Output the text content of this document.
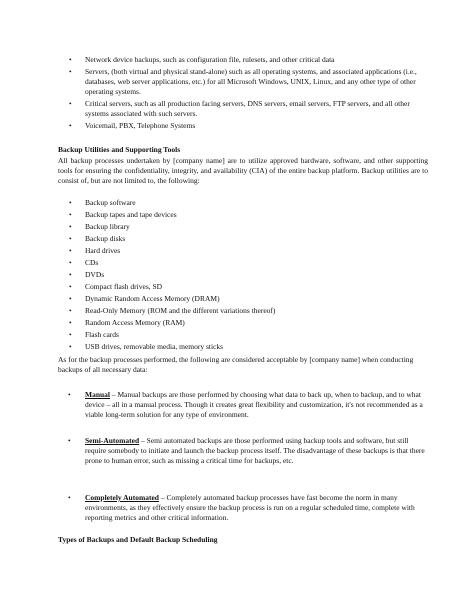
• Network device backups, such as configuration file, rulesets, and other critical data
• Servers, (both virtual and physical stand-alone) such as all operating systems, and associated applications (i.e., databases, web server applications, etc.) for all Microsoft Windows, UNIX, Linux, and any other type of other operating systems.
• Critical servers, such as all production facing servers, DNS servers, email servers, FTP servers, and all other systems associated with such servers.
• Voicemail, PBX, Telephone Systems
Backup Utilities and Supporting Tools

All backup processes undertaken by [company name] are to utilize approved hardware, software, and other supporting tools for ensuring the confidentiality, integrity, and availability (CIA) of the entire backup platform. Backup utilities are to consist of, but are not limited to, the following:

• Backup software
• Backup tapes and tape devices
• Backup library
• Backup disks
• Hard drives
• CDs
• DVDs
• Compact flash drives, SD
• Dynamic Random Access Memory (DRAM)
• Read-Only Memory (ROM and the different variations thereof)
• Random Access Memory (RAM)
• Flash cards
• USB drives, removable media, memory sticks

As for the backup processes performed, the following are considered acceptable by [company name] when conducting backups of all necessary data:

• Manual – Manual backups are those performed by choosing what data to back up, when to backup, and to what device – all in a manual process. Though it creates great flexibility and customization, it's not recommended as a viable long-term solution for any type of environment.
• Semi-Automated – Semi automated backups are those performed using backup tools and software, but still require somebody to initiate and launch the backup process itself. The disadvantage of these backups is that there prone to human error, such as missing a critical time for backups, etc.
• Completely Automated – Completely automated backup processes have fast become the norm in many environments, as they effectively ensure the backup process is run on a regular scheduled time, complete with reporting metrics and other critical information.
Types of Backups and Default Backup Scheduling
